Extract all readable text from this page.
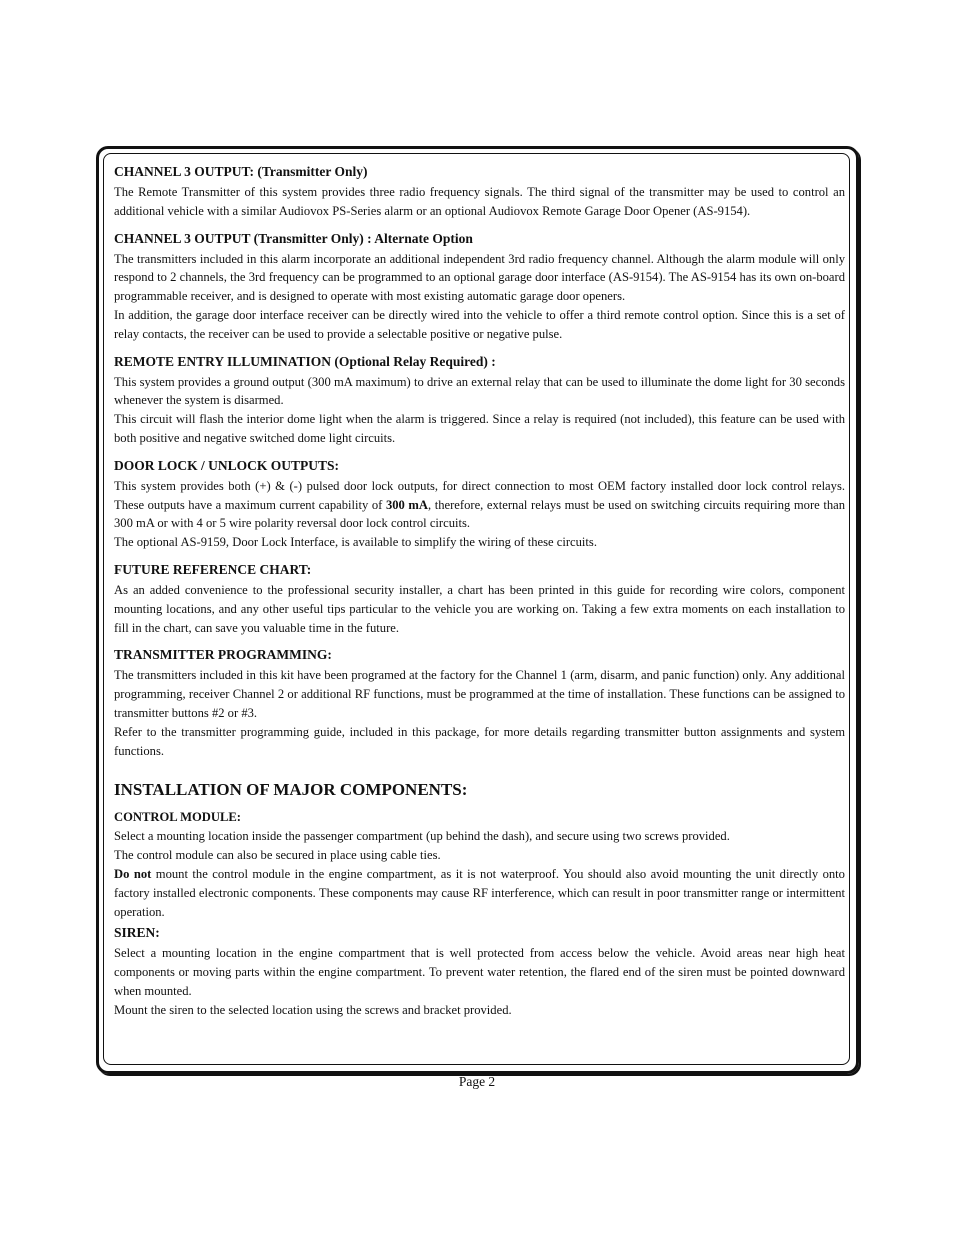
CHANNEL 3 OUTPUT: (Transmitter Only)

The Remote Transmitter of this system provides three radio frequency signals. The third signal of the transmitter may be used to control an additional vehicle with a similar Audiovox PS-Series alarm or an optional Audiovox Remote Garage Door Opener (AS-9154).

CHANNEL 3 OUTPUT (Transmitter Only) : Alternate Option

The transmitters included in this alarm incorporate an additional independent 3rd radio frequency channel. Although the alarm module will only respond to 2 channels, the 3rd frequency can be programmed to an optional garage door interface (AS-9154). The AS-9154 has its own on-board programmable receiver, and is designed to operate with most existing automatic garage door openers.

In addition, the garage door interface receiver can be directly wired into the vehicle to offer a third remote control option. Since this is a set of relay contacts, the receiver can be used to provide a selectable positive or negative pulse.

REMOTE ENTRY ILLUMINATION (Optional Relay Required) :

This system provides a ground output (300 mA maximum) to drive an external relay that can be used to illuminate the dome light for 30 seconds whenever the system is disarmed.

This circuit will flash the interior dome light when the alarm is triggered. Since a relay is required (not included), this feature can be used with both positive and negative switched dome light circuits.

DOOR LOCK / UNLOCK OUTPUTS:

This system provides both (+) & (-) pulsed door lock outputs, for direct connection to most OEM factory installed door lock control relays. These outputs have a maximum current capability of 300 mA, therefore, external relays must be used on switching circuits requiring more than 300 mA or with 4 or 5 wire polarity reversal door lock control circuits.

The optional AS-9159, Door Lock Interface, is available to simplify the wiring of these circuits.

FUTURE REFERENCE CHART:

As an added convenience to the professional security installer, a chart has been printed in this guide for recording wire colors, component mounting locations, and any other useful tips particular to the vehicle you are working on. Taking a few extra moments on each installation to fill in the chart, can save you valuable time in the future.

TRANSMITTER PROGRAMMING:

The transmitters included in this kit have been programed at the factory for the Channel 1 (arm, disarm, and panic function) only. Any additional programming, receiver Channel 2 or additional RF functions, must be programmed at the time of installation. These functions can be assigned to transmitter buttons #2 or #3.

Refer to the transmitter programming guide, included in this package, for more details regarding transmitter button assignments and system functions.

INSTALLATION OF MAJOR COMPONENTS:
CONTROL MODULE:

Select a mounting location inside the passenger compartment (up behind the dash), and secure using two screws provided.

The control module can also be secured in place using cable ties.

Do not mount the control module in the engine compartment, as it is not waterproof. You should also avoid mounting the unit directly onto factory installed electronic components. These components may cause RF interference, which can result in poor transmitter range or intermittent operation.

SIREN:

Select a mounting location in the engine compartment that is well protected from access below the vehicle. Avoid areas near high heat components or moving parts within the engine compartment. To prevent water retention, the flared end of the siren must be pointed downward when mounted.

Mount the siren to the selected location using the screws and bracket provided.

Page 2
